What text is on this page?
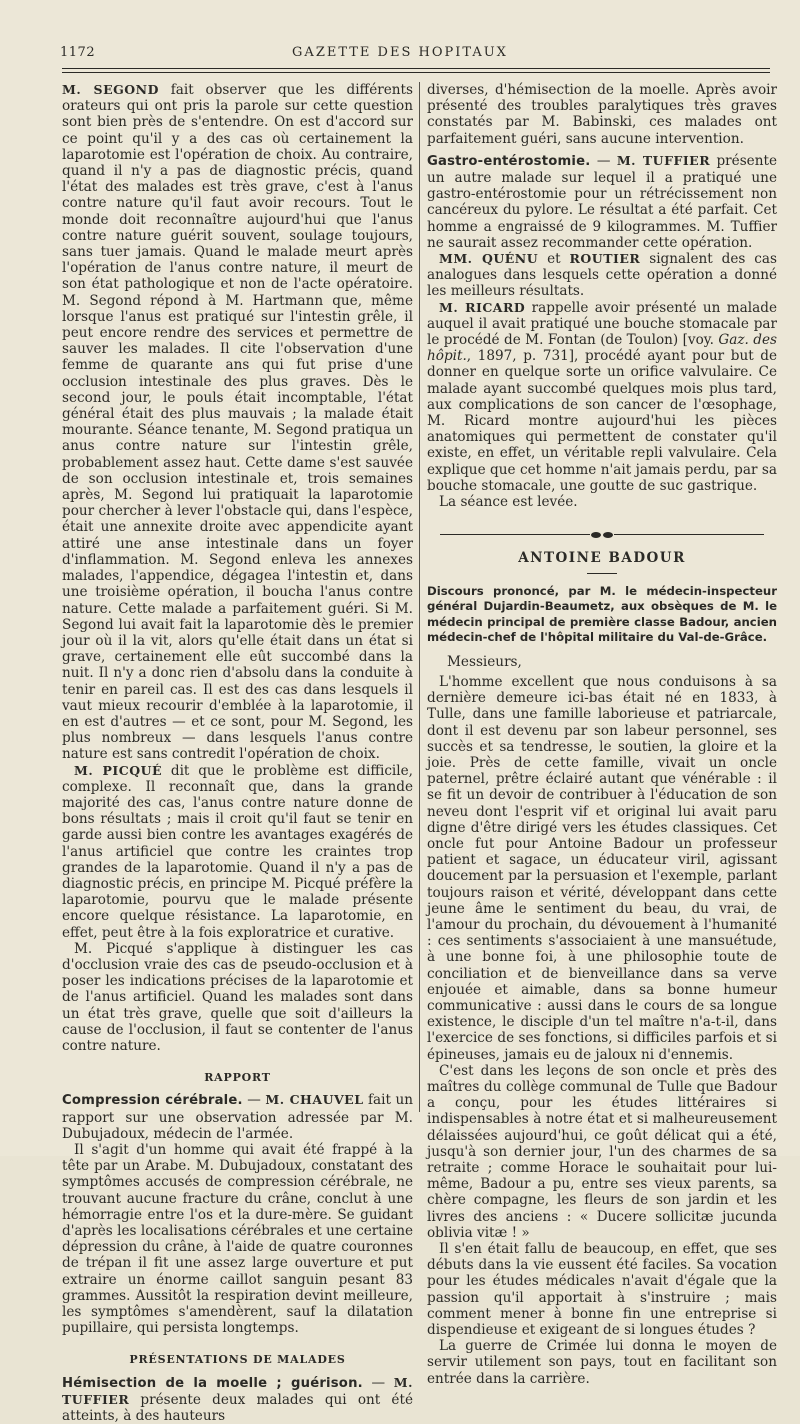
1172	GAZETTE DES HOPITAUX

M. SEGOND fait observer que les différents orateurs qui ont pris la parole sur cette question sont bien près de s'entendre. On est d'accord sur ce point qu'il y a des cas où certainement la laparotomie est l'opération de choix. Au contraire, quand il n'y a pas de diagnostic précis, quand l'état des malades est très grave, c'est à l'anus contre nature qu'il faut avoir recours. Tout le monde doit reconnaître aujourd'hui que l'anus contre nature guérit souvent, soulage toujours, sans tuer jamais. Quand le malade meurt après l'opération de l'anus contre nature, il meurt de son état pathologique et non de l'acte opératoire. M. Segond répond à M. Hartmann que, même lorsque l'anus est pratiqué sur l'intestin grêle, il peut encore rendre des services et permettre de sauver les malades. Il cite l'observation d'une femme de quarante ans qui fut prise d'une occlusion intestinale des plus graves. Dès le second jour, le pouls était incomptable, l'état général était des plus mauvais ; la malade était mourante. Séance tenante, M. Segond pratiqua un anus contre nature sur l'intestin grêle, probablement assez haut. Cette dame s'est sauvée de son occlusion intestinale et, trois semaines après, M. Segond lui pratiquait la laparotomie pour chercher à lever l'obstacle qui, dans l'espèce, était une annexite droite avec appendicite ayant attiré une anse intestinale dans un foyer d'inflammation. M. Segond enleva les annexes malades, l'appendice, dégagea l'intestin et, dans une troisième opération, il boucha l'anus contre nature. Cette malade a parfaitement guéri. Si M. Segond lui avait fait la laparotomie dès le premier jour où il la vit, alors qu'elle était dans un état si grave, certainement elle eût succombé dans la nuit. Il n'y a donc rien d'absolu dans la conduite à tenir en pareil cas. Il est des cas dans lesquels il vaut mieux recourir d'emblée à la laparotomie, il en est d'autres — et ce sont, pour M. Segond, les plus nombreux — dans lesquels l'anus contre nature est sans contredit l'opération de choix.

M. PICQUÉ dit que le problème est difficile, complexe. Il reconnaît que, dans la grande majorité des cas, l'anus contre nature donne de bons résultats ; mais il croit qu'il faut se tenir en garde aussi bien contre les avantages exagérés de l'anus artificiel que contre les craintes trop grandes de la laparotomie. Quand il n'y a pas de diagnostic précis, en principe M. Picqué préfère la laparotomie, pourvu que le malade présente encore quelque résistance. La laparotomie, en effet, peut être à la fois exploratrice et curative.

M. Picqué s'applique à distinguer les cas d'occlusion vraie des cas de pseudo-occlusion et à poser les indications précises de la laparotomie et de l'anus artificiel. Quand les malades sont dans un état très grave, quelle que soit d'ailleurs la cause de l'occlusion, il faut se contenter de l'anus contre nature.

RAPPORT

Compression cérébrale. — M. CHAUVEL fait un rapport sur une observation adressée par M. Dubujadoux, médecin de l'armée.

Il s'agit d'un homme qui avait été frappé à la tête par un Arabe. M. Dubujadoux, constatant des symptômes accusés de compression cérébrale, ne trouvant aucune fracture du crâne, conclut à une hémorragie entre l'os et la dure-mère. Se guidant d'après les localisations cérébrales et une certaine dépression du crâne, à l'aide de quatre couronnes de trépan il fit une assez large ouverture et put extraire un énorme caillot sanguin pesant 83 grammes. Aussitôt la respiration devint meilleure, les symptômes s'amendèrent, sauf la dilatation pupillaire, qui persista longtemps.

PRÉSENTATIONS DE MALADES

Hémisection de la moelle ; guérison. — M. TUFFIER présente deux malades qui ont été atteints, à des hauteurs

diverses, d'hémisection de la moelle. Après avoir présenté des troubles paralytiques très graves constatés par M. Babinski, ces malades ont parfaitement guéri, sans aucune intervention.

Gastro-entérostomie. — M. TUFFIER présente un autre malade sur lequel il a pratiqué une gastro-entérostomie pour un rétrécissement non cancéreux du pylore. Le résultat a été parfait. Cet homme a engraissé de 9 kilogrammes. M. Tuffier ne saurait assez recommander cette opération.

MM. QUÉNU et ROUTIER signalent des cas analogues dans lesquels cette opération a donné les meilleurs résultats.

M. RICARD rappelle avoir présenté un malade auquel il avait pratiqué une bouche stomacale par le procédé de M. Fontan (de Toulon) [voy. Gaz. des hôpit., 1897, p. 731], procédé ayant pour but de donner en quelque sorte un orifice valvulaire. Ce malade ayant succombé quelques mois plus tard, aux complications de son cancer de l'œsophage, M. Ricard montre aujourd'hui les pièces anatomiques qui permettent de constater qu'il existe, en effet, un véritable repli valvulaire. Cela explique que cet homme n'ait jamais perdu, par sa bouche stomacale, une goutte de suc gastrique.

La séance est levée.

ANTOINE BADOUR
Discours prononcé, par M. le médecin-inspecteur général Dujardin-Beaumetz, aux obsèques de M. le médecin principal de première classe Badour, ancien médecin-chef de l'hôpital militaire du Val-de-Grâce.
Messieurs,

L'homme excellent que nous conduisons à sa dernière demeure ici-bas était né en 1833, à Tulle, dans une famille laborieuse et patriarcale, dont il est devenu par son labeur personnel, ses succès et sa tendresse, le soutien, la gloire et la joie. Près de cette famille, vivait un oncle paternel, prêtre éclairé autant que vénérable : il se fit un devoir de contribuer à l'éducation de son neveu dont l'esprit vif et original lui avait paru digne d'être dirigé vers les études classiques. Cet oncle fut pour Antoine Badour un professeur patient et sagace, un éducateur viril, agissant doucement par la persuasion et l'exemple, parlant toujours raison et vérité, développant dans cette jeune âme le sentiment du beau, du vrai, de l'amour du prochain, du dévouement à l'humanité : ces sentiments s'associaient à une mansuétude, à une bonne foi, à une philosophie toute de conciliation et de bienveillance dans sa verve enjouée et aimable, dans sa bonne humeur communicative : aussi dans le cours de sa longue existence, le disciple d'un tel maître n'a-t-il, dans l'exercice de ses fonctions, si difficiles parfois et si épineuses, jamais eu de jaloux ni d'ennemis.

C'est dans les leçons de son oncle et près des maîtres du collège communal de Tulle que Badour a conçu, pour les études littéraires si indispensables à notre état et si malheureusement délaissées aujourd'hui, ce goût délicat qui a été, jusqu'à son dernier jour, l'un des charmes de sa retraite ; comme Horace le souhaitait pour lui-même, Badour a pu, entre ses vieux parents, sa chère compagne, les fleurs de son jardin et les livres des anciens : « Ducere sollicitæ jucunda oblivia vitæ ! »

Il s'en était fallu de beaucoup, en effet, que ses débuts dans la vie eussent été faciles. Sa vocation pour les études médicales n'avait d'égale que la passion qu'il apportait à s'instruire ; mais comment mener à bonne fin une entreprise si dispendieuse et exigeant de si longues études ?

La guerre de Crimée lui donna le moyen de servir utilement son pays, tout en facilitant son entrée dans la carrière.
